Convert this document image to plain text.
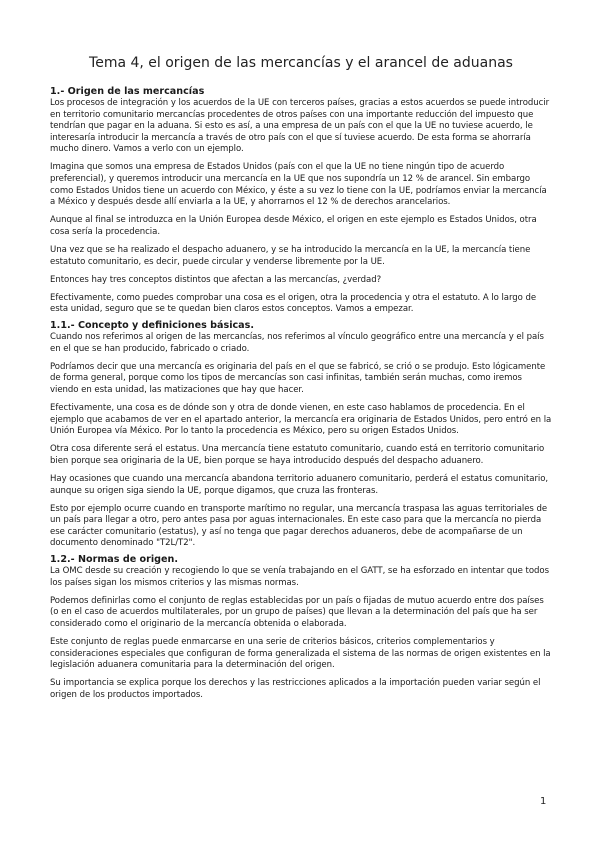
Tema 4, el origen de las mercancías y el arancel de aduanas
1.- Origen de las mercancías

Los procesos de integración y los acuerdos de la UE con terceros países, gracias a estos acuerdos se puede introducir en territorio comunitario mercancías procedentes de otros países con una importante reducción del impuesto que tendrían que pagar en la aduana. Si esto es así, a una empresa de un país con el que la UE no tuviese acuerdo, le interesaría introducir la mercancía a través de otro país con el que sí tuviese acuerdo. De esta forma se ahorraría mucho dinero. Vamos a verlo con un ejemplo.

Imagina que somos una empresa de Estados Unidos (país con el que la UE no tiene ningún tipo de acuerdo preferencial), y queremos introducir una mercancía en la UE que nos supondría un 12 % de arancel. Sin embargo como Estados Unidos tiene un acuerdo con México, y éste a su vez lo tiene con la UE, podríamos enviar la mercancía a México y después desde allí enviarla a la UE, y ahorrarnos el 12 % de derechos arancelarios.

Aunque al final se introduzca en la Unión Europea desde México, el origen en este ejemplo es Estados Unidos, otra cosa sería la procedencia.

Una vez que se ha realizado el despacho aduanero, y se ha introducido la mercancía en la UE, la mercancía tiene estatuto comunitario, es decir, puede circular y venderse libremente por la UE.

Entonces hay tres conceptos distintos que afectan a las mercancías, ¿verdad?

Efectivamente, como puedes comprobar una cosa es el origen, otra la procedencia y otra el estatuto. A lo largo de esta unidad, seguro que se te quedan bien claros estos conceptos. Vamos a empezar.

1.1.- Concepto y definiciones básicas.

Cuando nos referimos al origen de las mercancías, nos referimos al vínculo geográfico entre una mercancía y el país en el que se han producido, fabricado o criado.

Podríamos decir que una mercancía es originaria del país en el que se fabricó, se crió o se produjo. Esto lógicamente de forma general, porque como los tipos de mercancías son casi infinitas, también serán muchas, como iremos viendo en esta unidad, las matizaciones que hay que hacer.

Efectivamente, una cosa es de dónde son y otra de donde vienen, en este caso hablamos de procedencia. En el ejemplo que acabamos de ver en el apartado anterior, la mercancía era originaria de Estados Unidos, pero entró en la Unión Europea vía México. Por lo tanto la procedencia es México, pero su origen Estados Unidos.

Otra cosa diferente será el estatus. Una mercancía tiene estatuto comunitario, cuando está en territorio comunitario bien porque sea originaria de la UE, bien porque se haya introducido después del despacho aduanero.

Hay ocasiones que cuando una mercancía abandona territorio aduanero comunitario, perderá el estatus comunitario, aunque su origen siga siendo la UE, porque digamos, que cruza las fronteras.

Esto por ejemplo ocurre cuando en transporte marítimo no regular, una mercancía traspasa las aguas territoriales de un país para llegar a otro, pero antes pasa por aguas internacionales. En este caso para que la mercancía no pierda ese carácter comunitario (estatus), y así no tenga que pagar derechos aduaneros, debe de acompañarse de un documento denominado "T2L/T2".

1.2.- Normas de origen.

La OMC desde su creación y recogiendo lo que se venía trabajando en el GATT, se ha esforzado en intentar que todos los países sigan los mismos criterios y las mismas normas.

Podemos definirlas como el conjunto de reglas establecidas por un país o fijadas de mutuo acuerdo entre dos países (o en el caso de acuerdos multilaterales, por un grupo de países) que llevan a la determinación del país que ha ser considerado como el originario de la mercancía obtenida o elaborada.

Este conjunto de reglas puede enmarcarse en una serie de criterios básicos, criterios complementarios y consideraciones especiales que configuran de forma generalizada el sistema de las normas de origen existentes en la legislación aduanera comunitaria para la determinación del origen.

Su importancia se explica porque los derechos y las restricciones aplicados a la importación pueden variar según el origen de los productos importados.

1
